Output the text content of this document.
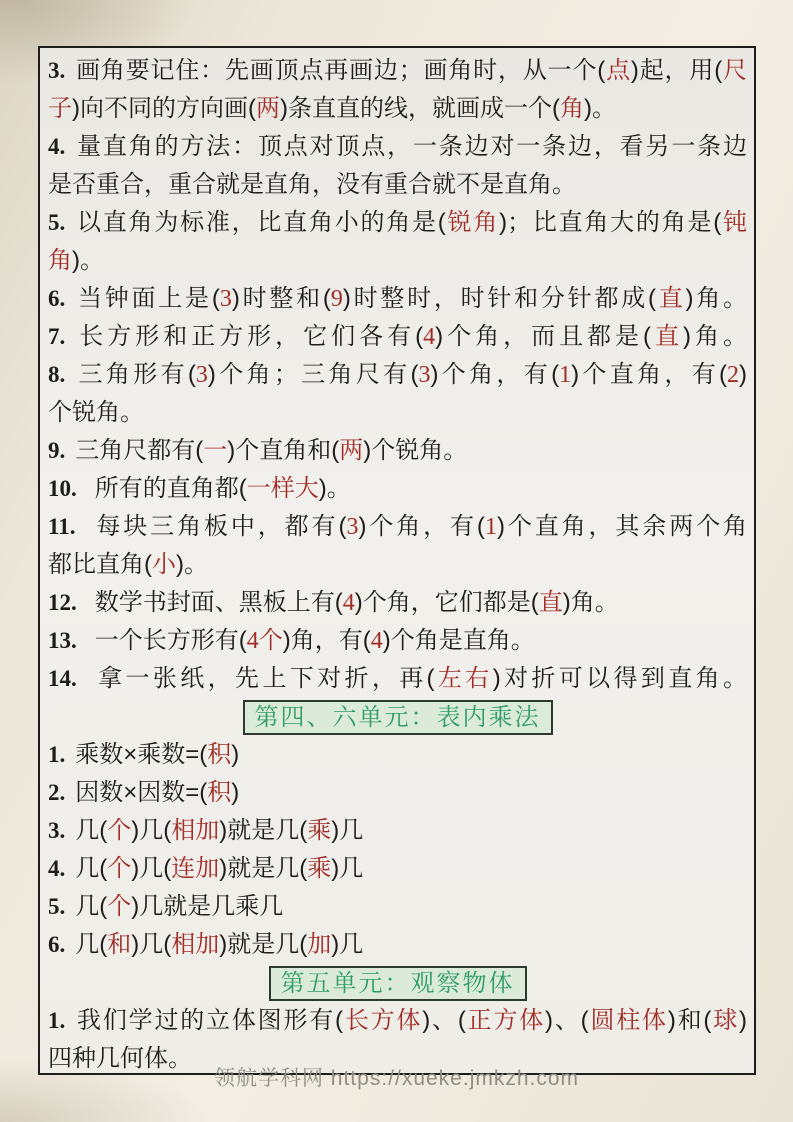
3. 画角要记住：先画顶点再画边；画角时，从一个(点)起，用(尺
子)向不同的方向画(两)条直直的线，就画成一个(角)。
4. 量直角的方法：顶点对顶点，一条边对一条边，看另一条边
是否重合，重合就是直角，没有重合就不是直角。
5. 以直角为标准，比直角小的角是(锐角)；比直角大的角是(钝
角)。
6. 当钟面上是(3)时整和(9)时整时，时针和分针都成(直)角。
7. 长方形和正方形，它们各有(4)个角，而且都是(直)角。
8. 三角形有(3)个角；三角尺有(3)个角，有(1)个直角，有(2)
个锐角。
9. 三角尺都有(一)个直角和(两)个锐角。
10. 所有的直角都(一样大)。
11. 每块三角板中，都有(3)个角，有(1)个直角，其余两个角
都比直角(小)。
12. 数学书封面、黑板上有(4)个角，它们都是(直)角。
13. 一个长方形有(4个)角，有(4)个角是直角。
14. 拿一张纸，先上下对折，再(左右)对折可以得到直角。
第四、六单元：表内乘法
1. 乘数×乘数=(积)
2. 因数×因数=(积)
3. 几(个)几(相加)就是几(乘)几
4. 几(个)几(连加)就是几(乘)几
5. 几(个)几就是几乘几
6. 几(和)几(相加)就是几(加)几
第五单元：观察物体
1. 我们学过的立体图形有(长方体)、(正方体)、(圆柱体)和(球)
四种几何体。
领航学科网 https://xueke.jmkzh.com
